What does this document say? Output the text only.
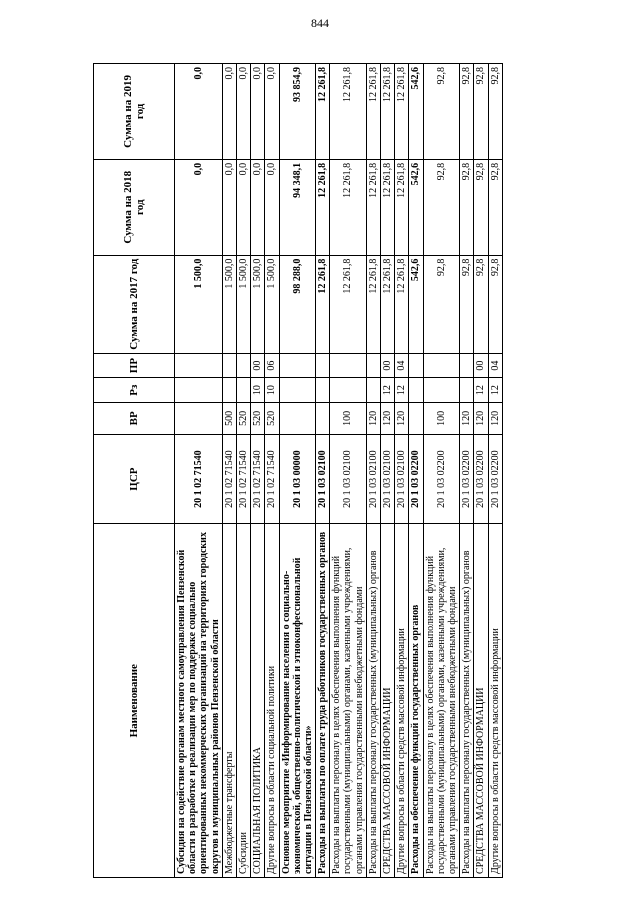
844
Наименование	ЦСР	ВР	Рз	ПР	Сумма на 2017 год	Сумма на 2018 год	Сумма на 2019 год
Субсидия на содействие органам местного самоуправления Пензенской области в разработке и реализации мер по поддержке социально ориентированных некоммерческих организаций на территориях городских округов и муниципальных районов Пензенской области	20 1 02 71540				1 500,0	0,0	0,0
Межбюджетные трансферты	20 1 02 71540	500			1 500,0	0,0	0,0
Субсидии	20 1 02 71540	520			1 500,0	0,0	0,0
СОЦИАЛЬНАЯ ПОЛИТИКА	20 1 02 71540	520	10	00	1 500,0	0,0	0,0
Другие вопросы в области социальной политики	20 1 02 71540	520	10	06	1 500,0	0,0	0,0
Основное мероприятие «Информирование населения о социально-экономической, общественно-политической и этноконфессиональной ситуации в Пензенской области»	20 1 03 00000				98 288,0	94 348,1	93 854,9
Расходы на выплаты по оплате труда работников государственных органов	20 1 03 02100				12 261,8	12 261,8	12 261,8
Расходы на выплаты персоналу в целях обеспечения выполнения функций государственными (муниципальными) органами, казенными учреждениями, органами управления государственными внебюджетными фондами	20 1 03 02100	100			12 261,8	12 261,8	12 261,8
Расходы на выплаты персоналу государственных (муниципальных) органов	20 1 03 02100	120			12 261,8	12 261,8	12 261,8
СРЕДСТВА МАССОВОЙ ИНФОРМАЦИИ	20 1 03 02100	120	12	00	12 261,8	12 261,8	12 261,8
Другие вопросы в области средств массовой информации	20 1 03 02100	120	12	04	12 261,8	12 261,8	12 261,8
Расходы на обеспечение функций государственных органов	20 1 03 02200				542,6	542,6	542,6
Расходы на выплаты персоналу в целях обеспечения выполнения функций государственными (муниципальными) органами, казенными учреждениями, органами управления государственными внебюджетными фондами	20 1 03 02200	100			92,8	92,8	92,8
Расходы на выплаты персоналу государственных (муниципальных) органов	20 1 03 02200	120			92,8	92,8	92,8
СРЕДСТВА МАССОВОЙ ИНФОРМАЦИИ	20 1 03 02200	120	12	00	92,8	92,8	92,8
Другие вопросы в области средств массовой информации	20 1 03 02200	120	12	04	92,8	92,8	92,8
